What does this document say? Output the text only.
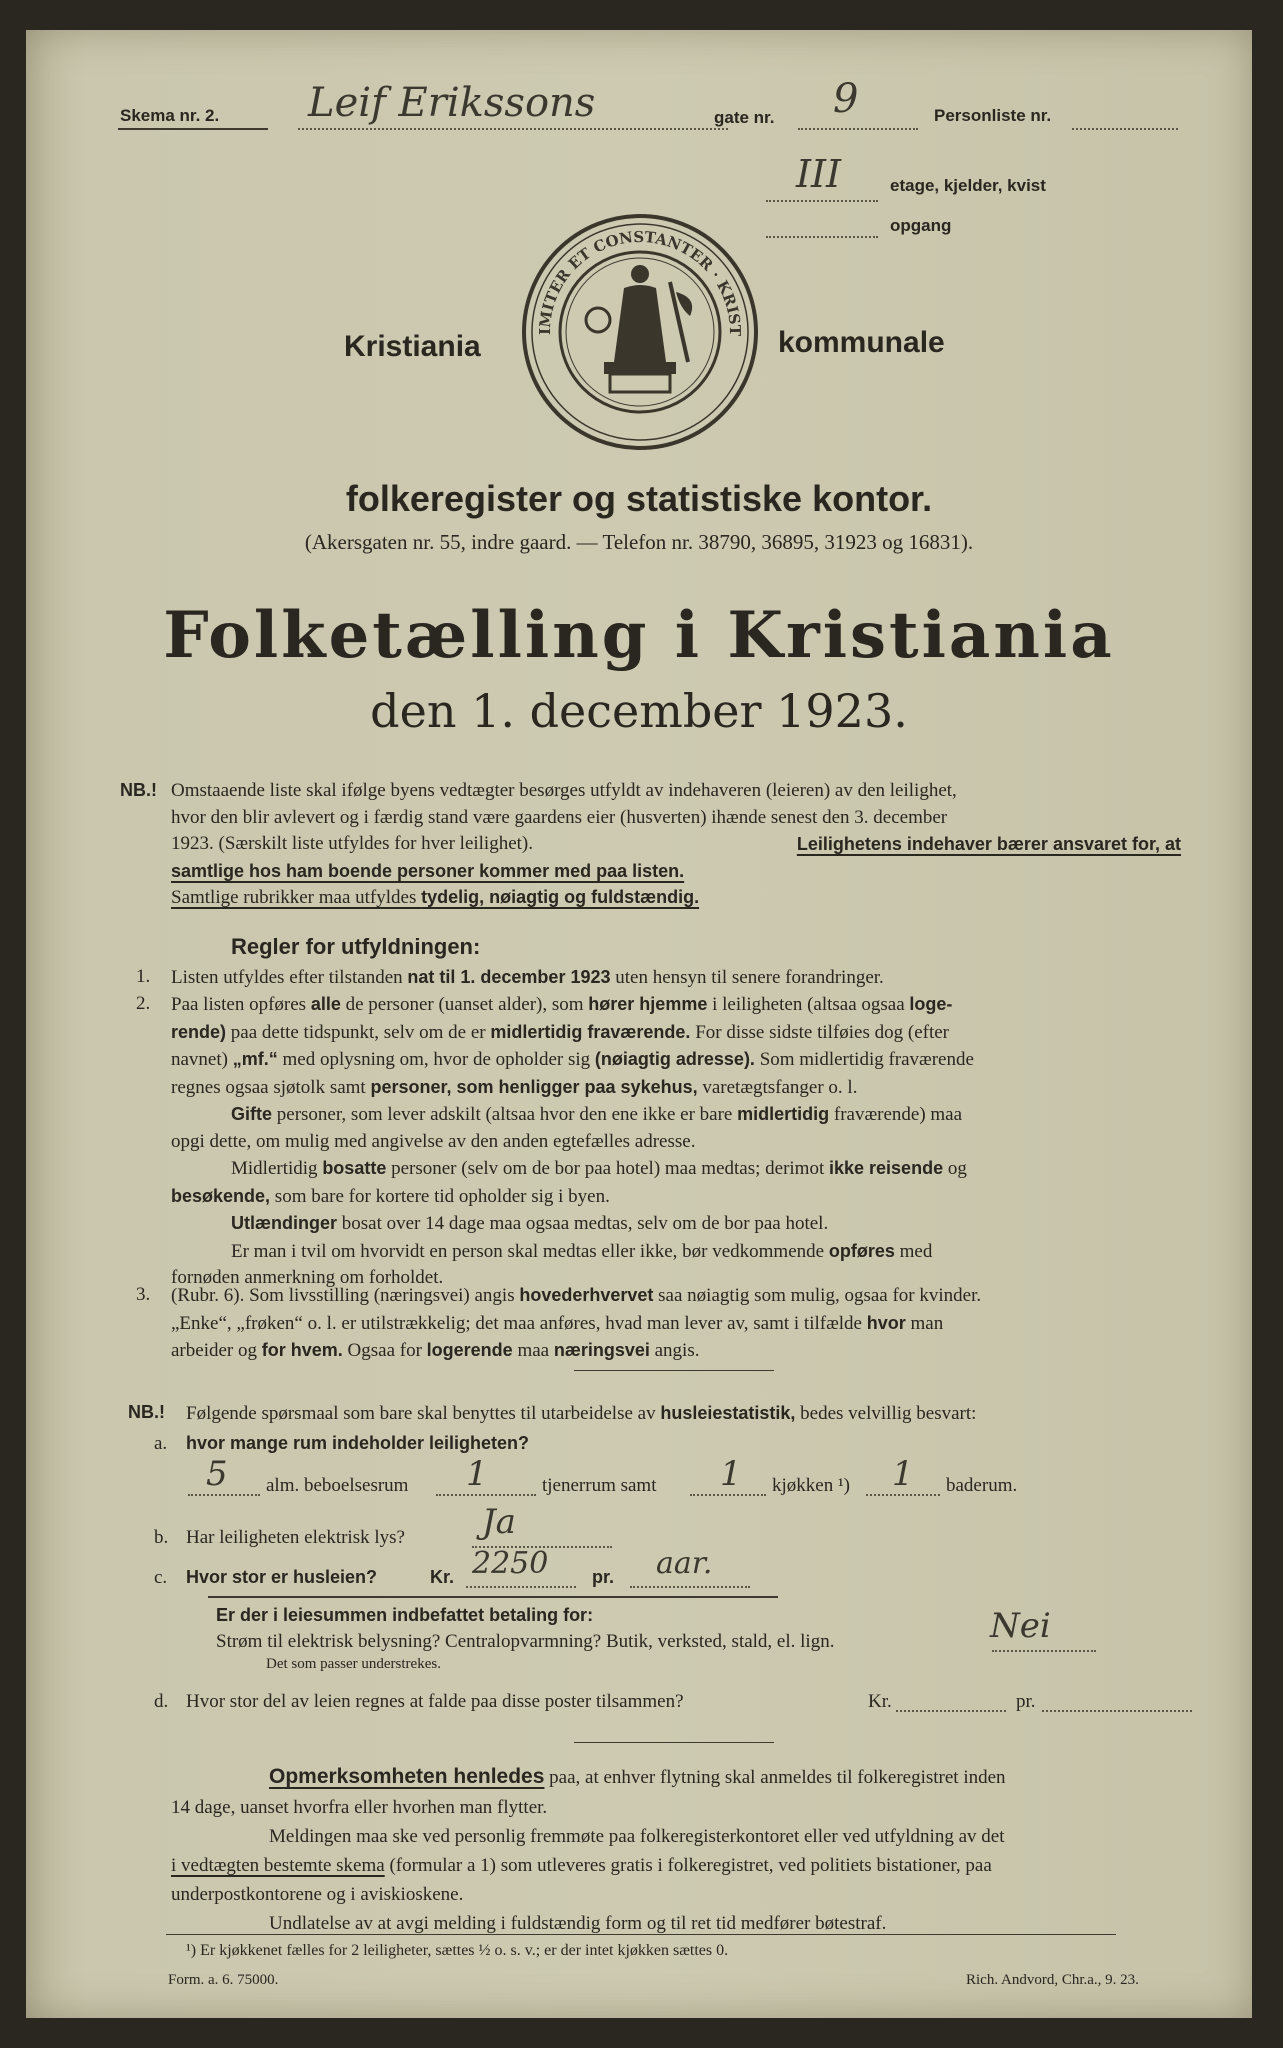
Skema nr. 2. Leif Erikssons	gate nr. 9	Personliste nr.
III	etage, kjelder, kvist
opgang
Kristiania	kommunale
IMITER ET CONSTANTER · KRIST
folkeregister og statistiske kontor.
(Akersgaten nr. 55, indre gaard. — Telefon nr. 38790, 36895, 31923 og 16831).
Folketælling i Kristiania
den 1. december 1923.
NB.! Omstaaende liste skal ifølge byens vedtægter besørges utfyldt av indehaveren (leieren) av den leilighet,
hvor den blir avlevert og i færdig stand være gaardens eier (husverten) ihænde senest den 3. december
1923. (Særskilt liste utfyldes for hver leilighet).	Leilighetens indehaver bærer ansvaret for, at
samtlige hos ham boende personer kommer med paa listen.
Samtlige rubrikker maa utfyldes tydelig, nøiagtig og fuldstændig.
Regler for utfyldningen:
1. Listen utfyldes efter tilstanden nat til 1. december 1923 uten hensyn til senere forandringer.
2. Paa listen opføres alle de personer (uanset alder), som hører hjemme i leiligheten (altsaa ogsaa loge-
rende) paa dette tidspunkt, selv om de er midlertidig fraværende. For disse sidste tilføies dog (efter
navnet) „mf.“ med oplysning om, hvor de opholder sig (nøiagtig adresse). Som midlertidig fraværende
regnes ogsaa sjøtolk samt personer, som henligger paa sykehus, varetægtsfanger o. l.
Gifte personer, som lever adskilt (altsaa hvor den ene ikke er bare midlertidig fraværende) maa
opgi dette, om mulig med angivelse av den anden egtefælles adresse.
Midlertidig bosatte personer (selv om de bor paa hotel) maa medtas; derimot ikke reisende og
besøkende, som bare for kortere tid opholder sig i byen.
Utlændinger bosat over 14 dage maa ogsaa medtas, selv om de bor paa hotel.
Er man i tvil om hvorvidt en person skal medtas eller ikke, bør vedkommende opføres med
fornøden anmerkning om forholdet.
3. (Rubr. 6). Som livsstilling (næringsvei) angis hovederhvervet saa nøiagtig som mulig, ogsaa for kvinder.
„Enke“, „frøken“ o. l. er utilstrækkelig; det maa anføres, hvad man lever av, samt i tilfælde hvor man
arbeider og for hvem. Ogsaa for logerende maa næringsvei angis.
NB.! Følgende spørsmaal som bare skal benyttes til utarbeidelse av husleiestatistik, bedes velvillig besvart:
a. hvor mange rum indeholder leiligheten?
5 alm. beboelsesrum 1	tjenerrum samt 1 kjøkken ¹) 1 baderum.
b. Har leiligheten elektrisk lys? Ja
c. Hvor stor er husleien?	Kr. 2250 pr. aar.
Er der i leiesummen indbefattet betaling for:
Strøm til elektrisk belysning? Centralopvarmning? Butik, verksted, stald, el. lign.	Nei
Det som passer understrekes.
d. Hvor stor del av leien regnes at falde paa disse poster tilsammen?	Kr.	pr.
Opmerksomheten henledes paa, at enhver flytning skal anmeldes til folkeregistret inden
14 dage, uanset hvorfra eller hvorhen man flytter.
Meldingen maa ske ved personlig fremmøte paa folkeregisterkontoret eller ved utfyldning av det
i vedtægten bestemte skema (formular a 1) som utleveres gratis i folkeregistret, ved politiets bistationer, paa
underpostkontorene og i aviskioskene.
Undlatelse av at avgi melding i fuldstændig form og til ret tid medfører bøtestraf.
¹) Er kjøkkenet fælles for 2 leiligheter, sættes ½ o. s. v.; er der intet kjøkken sættes 0.
Form. a. 6. 75000.	Rich. Andvord, Chr.a., 9. 23.
